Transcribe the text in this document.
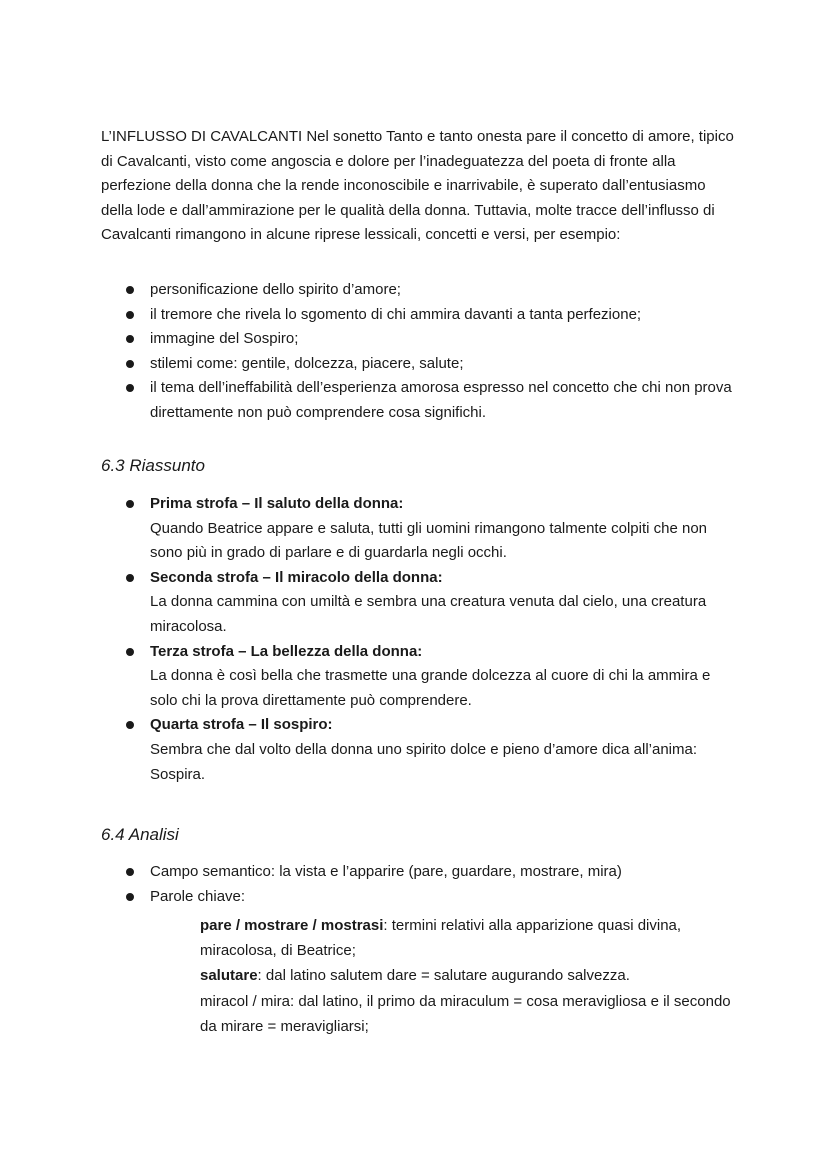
L’INFLUSSO DI CAVALCANTI Nel sonetto Tanto e tanto onesta pare il concetto di amore, tipico di Cavalcanti, visto come angoscia e dolore per l’inadeguatezza del poeta di fronte alla perfezione della donna che la rende inconoscibile e inarrivabile, è superato dall’entusiasmo della lode e dall’ammirazione per le qualità della donna. Tuttavia, molte tracce dell’influsso di Cavalcanti rimangono in alcune riprese lessicali, concetti e versi, per esempio:

personificazione dello spirito d’amore;
il tremore che rivela lo sgomento di chi ammira davanti a tanta perfezione;
immagine del Sospiro;
stilemi come: gentile, dolcezza, piacere, salute;
il tema dell’ineffabilità dell’esperienza amorosa espresso nel concetto che chi non prova direttamente non può comprendere cosa significhi.
6.3 Riassunto
Prima strofa – Il saluto della donna:
Quando Beatrice appare e saluta, tutti gli uomini rimangono talmente colpiti che non sono più in grado di parlare e di guardarla negli occhi.
Seconda strofa – Il miracolo della donna:
La donna cammina con umiltà e sembra una creatura venuta dal cielo, una creatura miracolosa.
Terza strofa – La bellezza della donna:
La donna è così bella che trasmette una grande dolcezza al cuore di chi la ammira e solo chi la prova direttamente può comprendere.
Quarta strofa – Il sospiro:
Sembra che dal volto della donna uno spirito dolce e pieno d’amore dica all’anima: Sospira.
6.4 Analisi
Campo semantico: la vista e l’apparire (pare, guardare, mostrare, mira)
Parole chiave:
pare / mostrare / mostrasi: termini relativi alla apparizione quasi divina, miracolosa, di Beatrice;
salutare: dal latino salutem dare = salutare augurando salvezza.
miracol / mira: dal latino, il primo da miraculum = cosa meravigliosa e il secondo da mirare = meravigliarsi;
